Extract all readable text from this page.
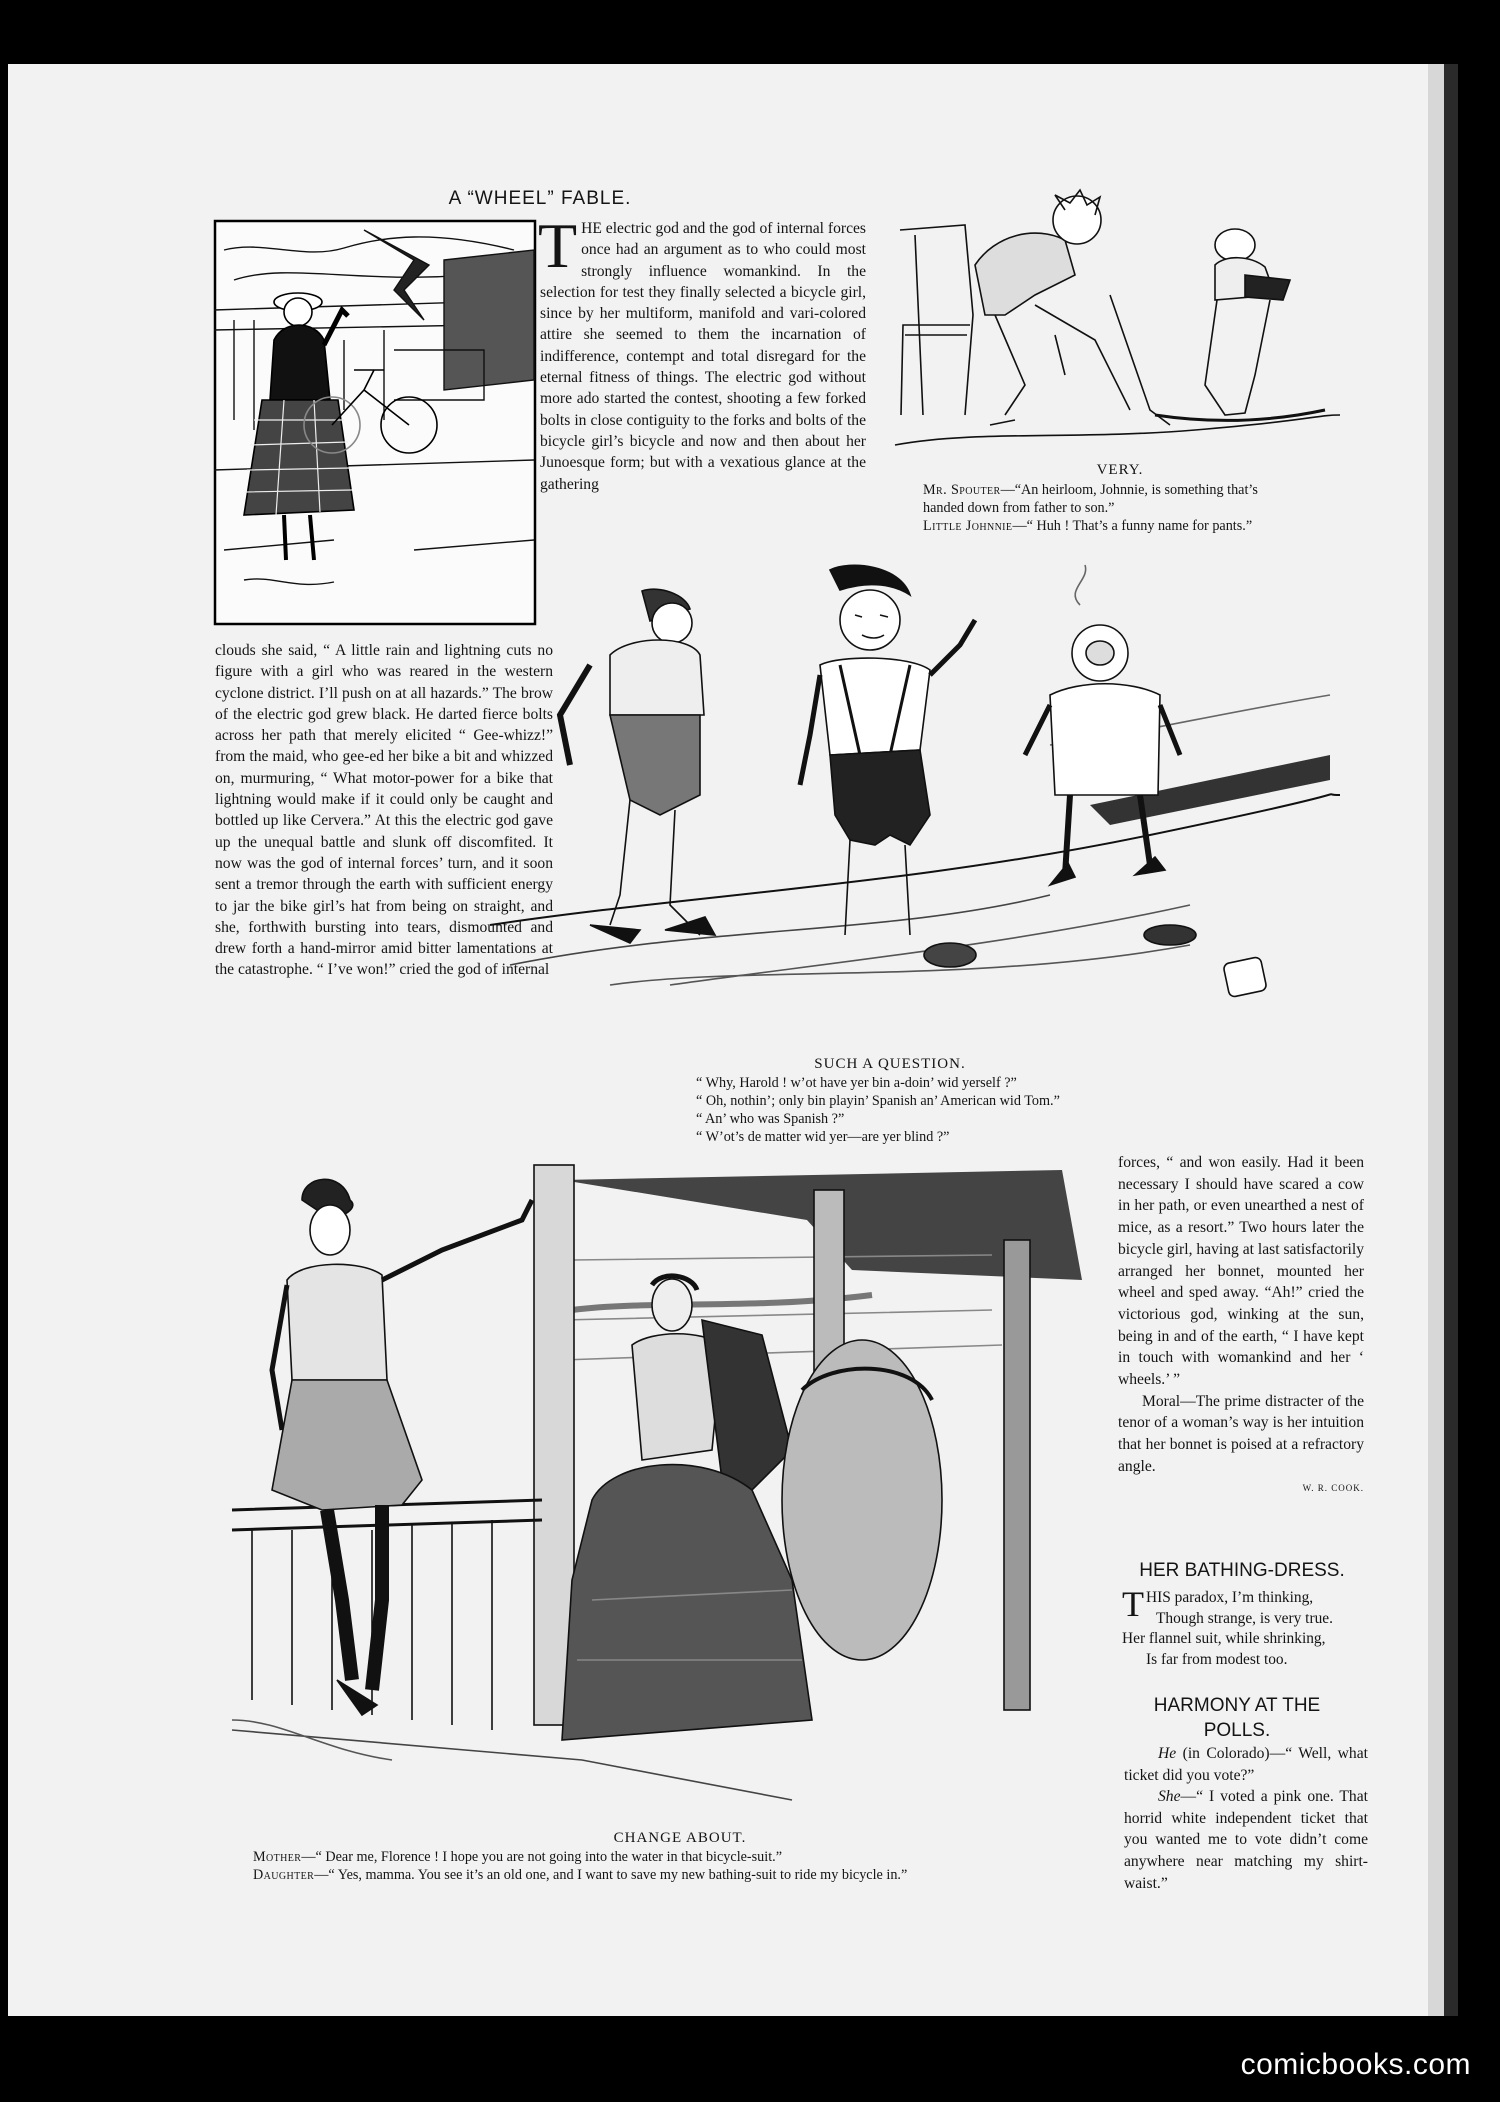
A “WHEEL” FABLE.
T HE electric god and the god of internal forces once had an argument as to who could most strongly influence womankind. In the selection for test they finally selected a bicycle girl, since by her multiform, manifold and vari-colored attire she seemed to them the incarnation of indifference, contempt and total disregard for the eternal fitness of things. The electric god without more ado started the contest, shooting a few forked bolts in close contiguity to the forks and bolts of the bicycle girl’s bicycle and now and then about her Junoesque form; but with a vexatious glance at the gathering

VERY.
Mr. Spouter—“An heirloom, Johnnie, is something that’s
handed down from father to son.”
Little Johnnie—“ Huh ! That’s a funny name for pants.”

clouds she said, “ A little rain and lightning cuts no figure with a girl who was reared in the western cyclone district. I’ll push on at all hazards.” The brow of the electric god grew black. He darted fierce bolts across her path that merely elicited “ Gee-whizz!” from the maid, who gee-ed her bike a bit and whizzed on, murmuring, “ What motor-power for a bike that lightning would make if it could only be caught and bottled up like Cervera.” At this the electric god gave up the unequal battle and slunk off discomfited. It now was the god of internal forces’ turn, and it soon sent a tremor through the earth with sufficient energy to jar the bike girl’s hat from being on straight, and she, forthwith bursting into tears, dismounted and drew forth a hand-mirror amid bitter lamentations at the catastrophe. “ I’ve won!” cried the god of internal

SUCH A QUESTION.
“ Why, Harold ! w’ot have yer bin a-doin’ wid yerself ?”
“ Oh, nothin’; only bin playin’ Spanish an’ American wid Tom.”
“ An’ who was Spanish ?”
“ W’ot’s de matter wid yer—are yer blind ?”
CHANGE ABOUT.
Mother—“ Dear me, Florence ! I hope you are not going into the water in that bicycle-suit.”
Daughter—“ Yes, mamma. You see it’s an old one, and I want to save my new bathing-suit to ride my bicycle in.”

forces, “ and won easily. Had it been necessary I should have scared a cow in her path, or even unearthed a nest of mice, as a resort.” Two hours later the bicycle girl, having at last satisfactorily arranged her bonnet, mounted her wheel and sped away. “Ah!” cried the victorious god, winking at the sun, being in and of the earth, “ I have kept in touch with womankind and her ‘ wheels.’ ”

Moral—The prime distracter of the tenor of a woman’s way is her intuition that her bonnet is poised at a refractory angle.

W. R. COOK.
HER BATHING-DRESS.
T HIS paradox, I’m thinking,
Though strange, is very true.
Her flannel suit, while shrinking,
Is far from modest too.
HARMONY AT THE POLLS.

He (in Colorado)—“ Well, what ticket did you vote?”

She—“ I voted a pink one. That horrid white independent ticket that you wanted me to vote didn’t come anywhere near matching my shirt-waist.”

comicbooks.com
